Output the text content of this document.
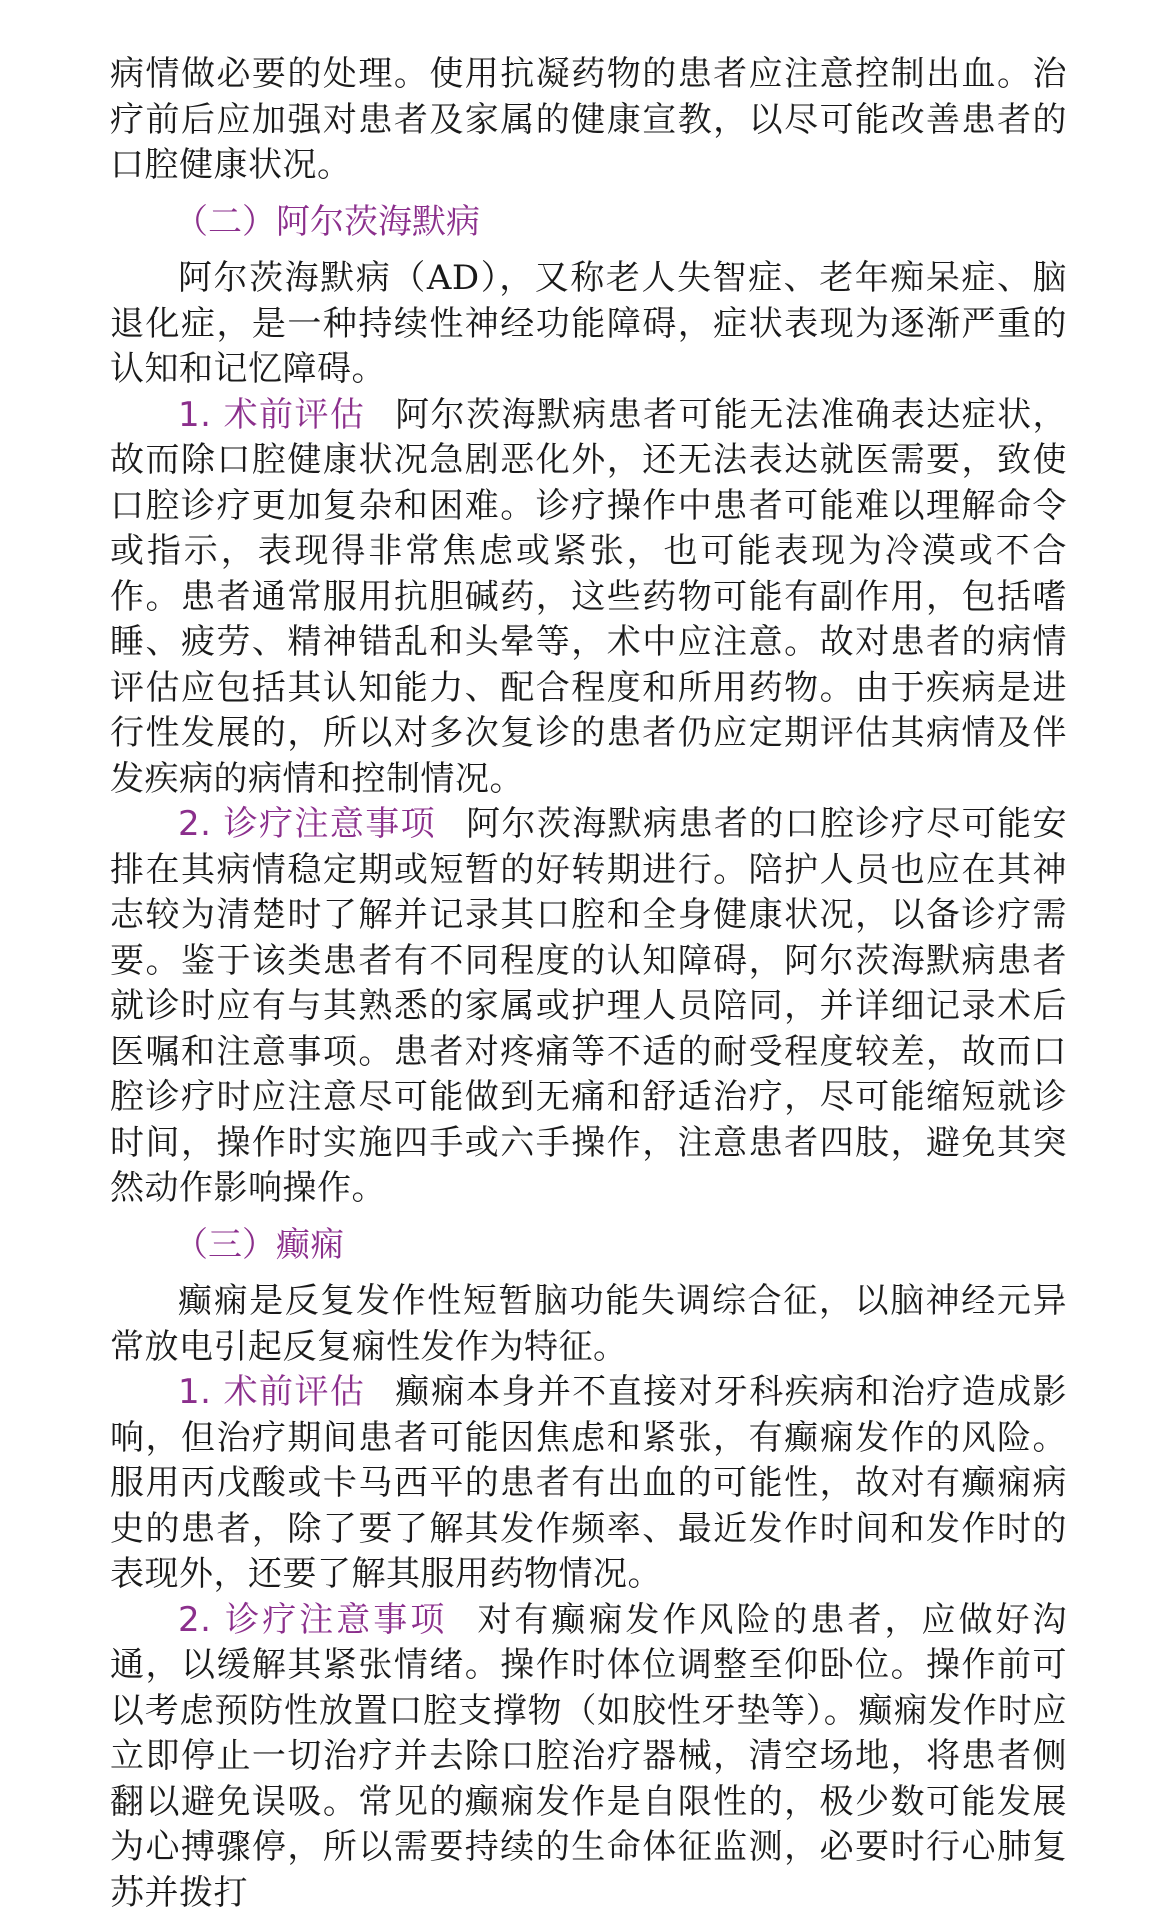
病情做必要的处理。使用抗凝药物的患者应注意控制出血。治疗前后应加强对患者及家属的健康宣教，以尽可能改善患者的口腔健康状况。

（二）阿尔茨海默病

阿尔茨海默病（AD），又称老人失智症、老年痴呆症、脑退化症，是一种持续性神经功能障碍，症状表现为逐渐严重的认知和记忆障碍。

1. 术前评估 阿尔茨海默病患者可能无法准确表达症状，故而除口腔健康状况急剧恶化外，还无法表达就医需要，致使口腔诊疗更加复杂和困难。诊疗操作中患者可能难以理解命令或指示，表现得非常焦虑或紧张，也可能表现为冷漠或不合作。患者通常服用抗胆碱药，这些药物可能有副作用，包括嗜睡、疲劳、精神错乱和头晕等，术中应注意。故对患者的病情评估应包括其认知能力、配合程度和所用药物。由于疾病是进行性发展的，所以对多次复诊的患者仍应定期评估其病情及伴发疾病的病情和控制情况。

2. 诊疗注意事项 阿尔茨海默病患者的口腔诊疗尽可能安排在其病情稳定期或短暂的好转期进行。陪护人员也应在其神志较为清楚时了解并记录其口腔和全身健康状况，以备诊疗需要。鉴于该类患者有不同程度的认知障碍，阿尔茨海默病患者就诊时应有与其熟悉的家属或护理人员陪同，并详细记录术后医嘱和注意事项。患者对疼痛等不适的耐受程度较差，故而口腔诊疗时应注意尽可能做到无痛和舒适治疗，尽可能缩短就诊时间，操作时实施四手或六手操作，注意患者四肢，避免其突然动作影响操作。

（三）癫痫

癫痫是反复发作性短暂脑功能失调综合征，以脑神经元异常放电引起反复痫性发作为特征。

1. 术前评估 癫痫本身并不直接对牙科疾病和治疗造成影响，但治疗期间患者可能因焦虑和紧张，有癫痫发作的风险。服用丙戊酸或卡马西平的患者有出血的可能性，故对有癫痫病史的患者，除了要了解其发作频率、最近发作时间和发作时的表现外，还要了解其服用药物情况。

2. 诊疗注意事项 对有癫痫发作风险的患者，应做好沟通，以缓解其紧张情绪。操作时体位调整至仰卧位。操作前可以考虑预防性放置口腔支撑物（如胶性牙垫等）。癫痫发作时应立即停止一切治疗并去除口腔治疗器械，清空场地，将患者侧翻以避免误吸。常见的癫痫发作是自限性的，极少数可能发展为心搏骤停，所以需要持续的生命体征监测，必要时行心肺复苏并拨打
